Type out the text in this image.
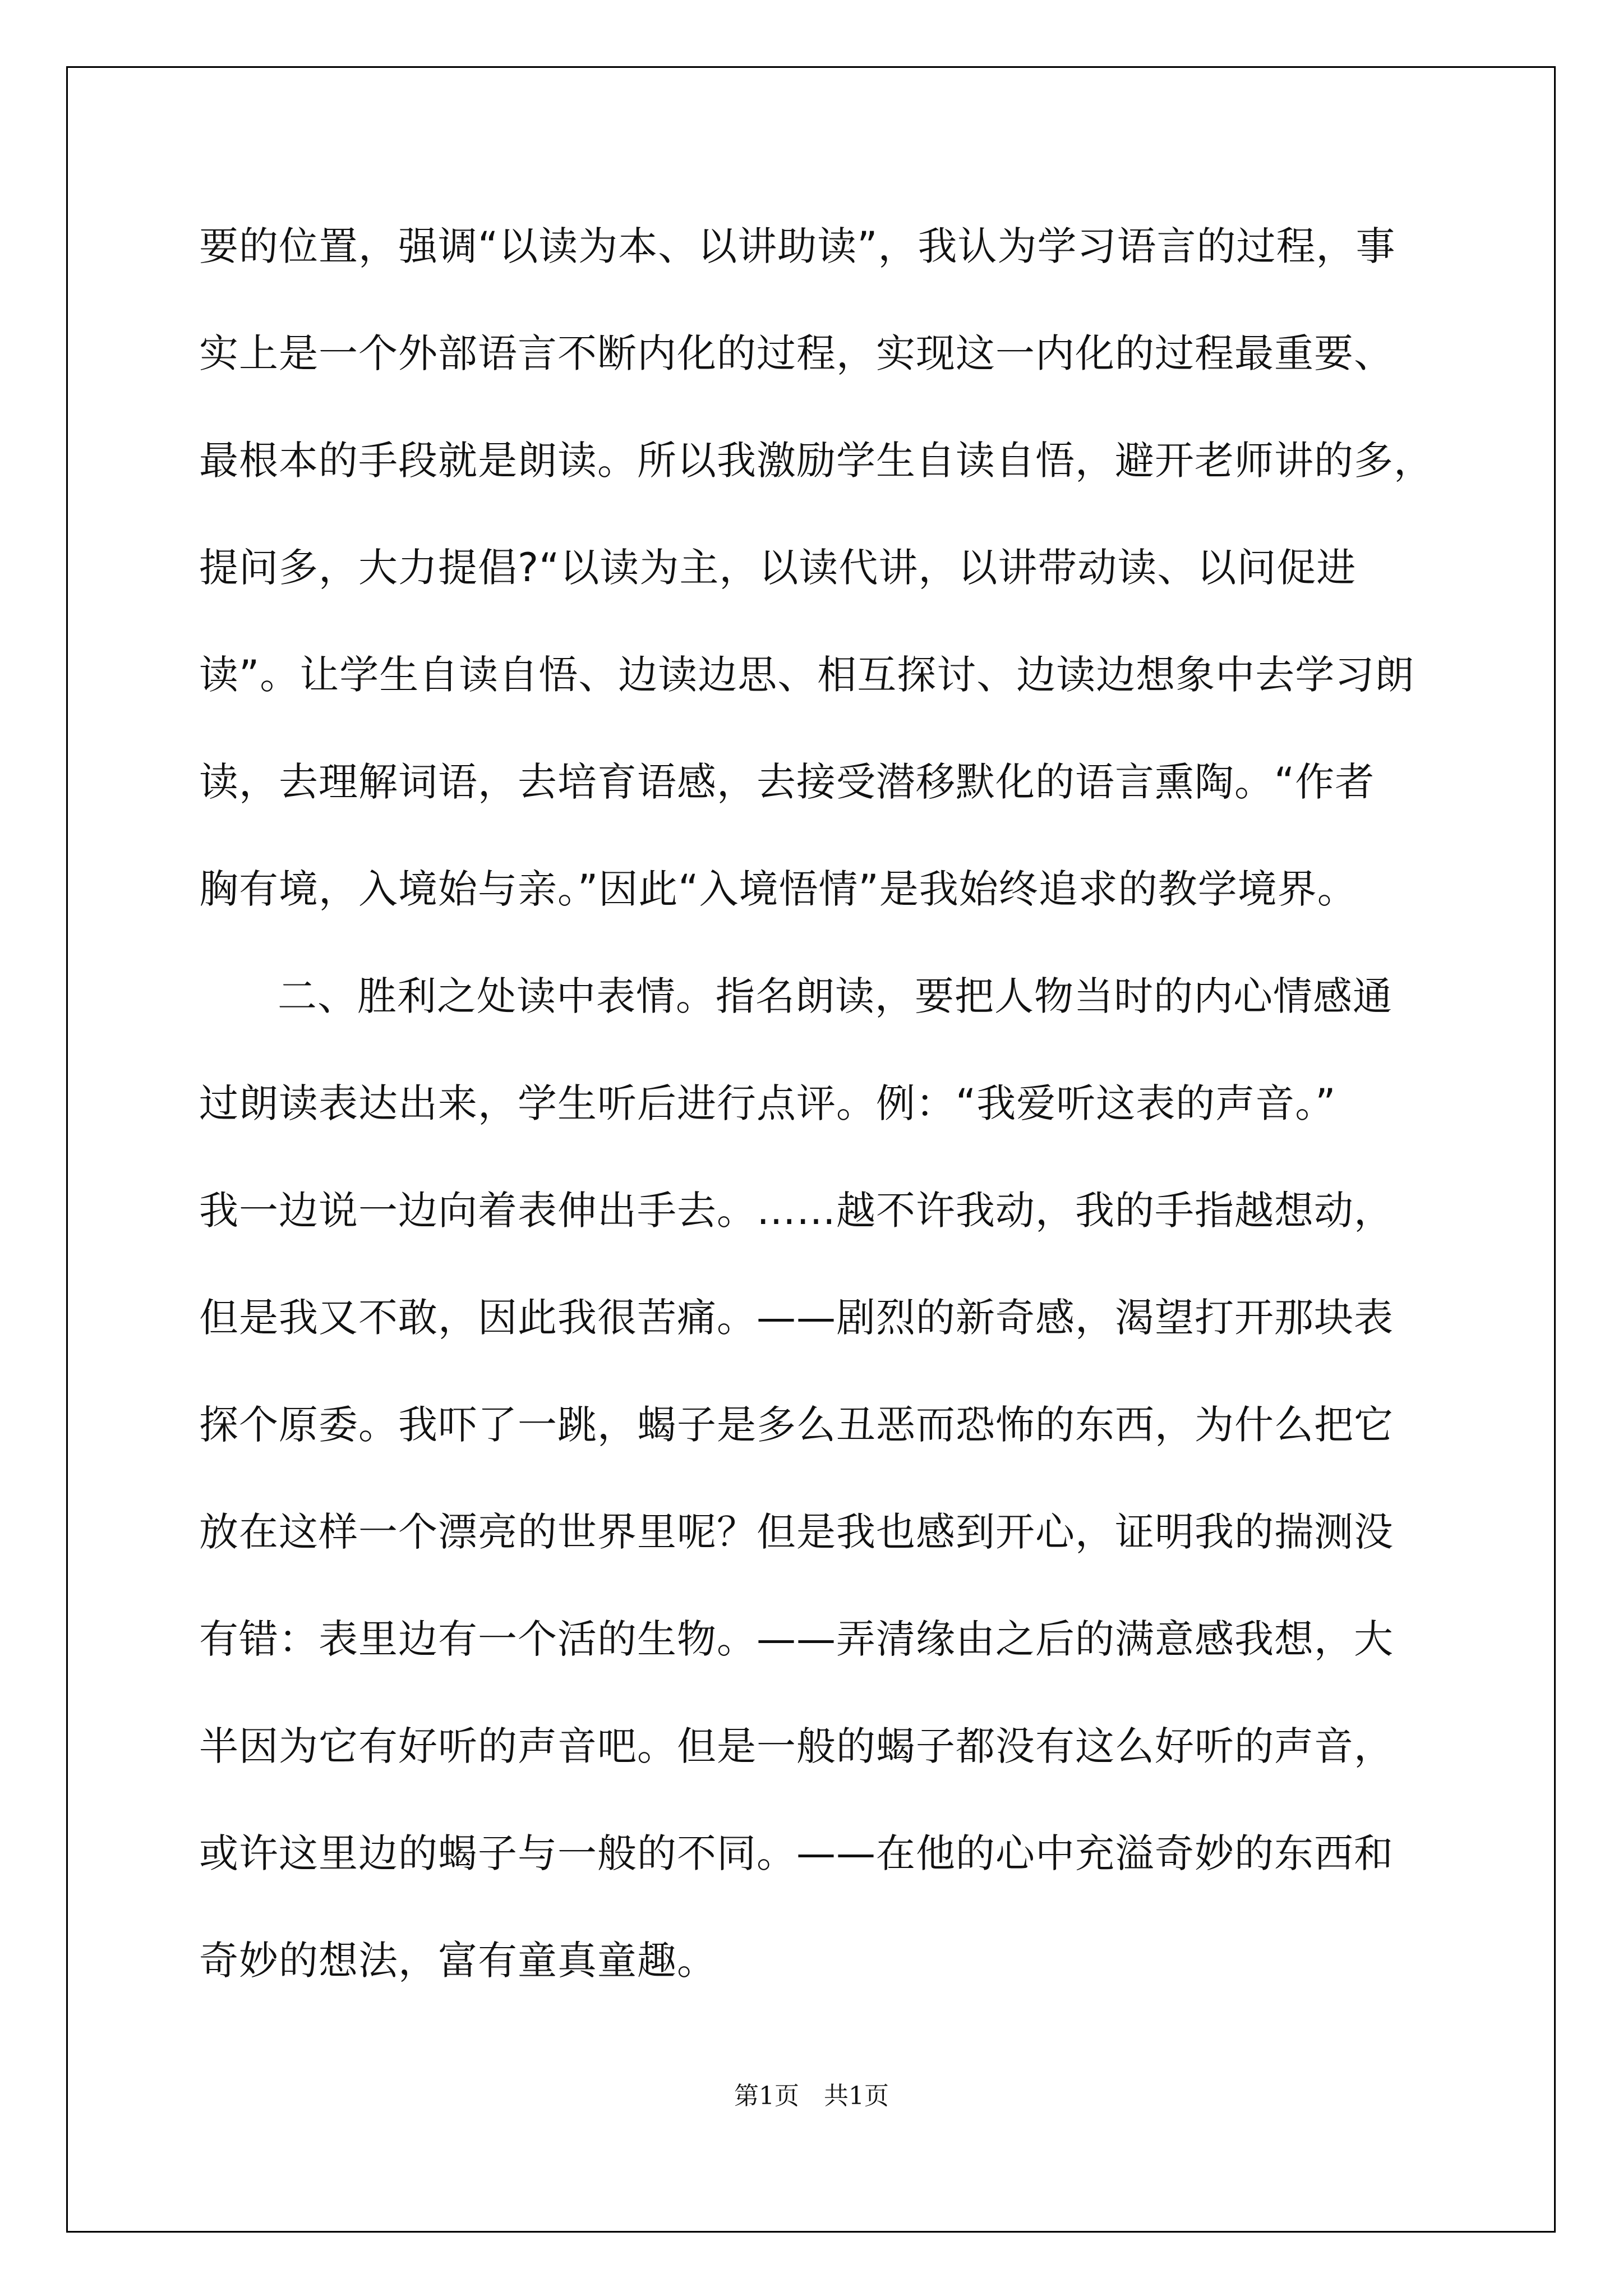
要的位置，强调“以读为本、以讲助读”，我认为学习语言的过程，事
实上是一个外部语言不断内化的过程，实现这一内化的过程最重要、
最根本的手段就是朗读。所以我激励学生自读自悟，避开老师讲的多，
提问多，大力提倡?“以读为主，以读代讲，以讲带动读、以问促进
读”。让学生自读自悟、边读边思、相互探讨、边读边想象中去学习朗
读，去理解词语，去培育语感，去接受潜移默化的语言熏陶。“作者
胸有境，入境始与亲。”因此“入境悟情”是我始终追求的教学境界。
二、胜利之处读中表情。指名朗读，要把人物当时的内心情感通
过朗读表达出来，学生听后进行点评。例：“我爱听这表的声音。”
我一边说一边向着表伸出手去。……越不许我动，我的手指越想动，
但是我又不敢，因此我很苦痛。——剧烈的新奇感，渴望打开那块表
探个原委。我吓了一跳，蝎子是多么丑恶而恐怖的东西，为什么把它
放在这样一个漂亮的世界里呢？但是我也感到开心，证明我的揣测没
有错：表里边有一个活的生物。——弄清缘由之后的满意感我想，大
半因为它有好听的声音吧。但是一般的蝎子都没有这么好听的声音，
或许这里边的蝎子与一般的不同。——在他的心中充溢奇妙的东西和
奇妙的想法，富有童真童趣。
第1页　共1页
